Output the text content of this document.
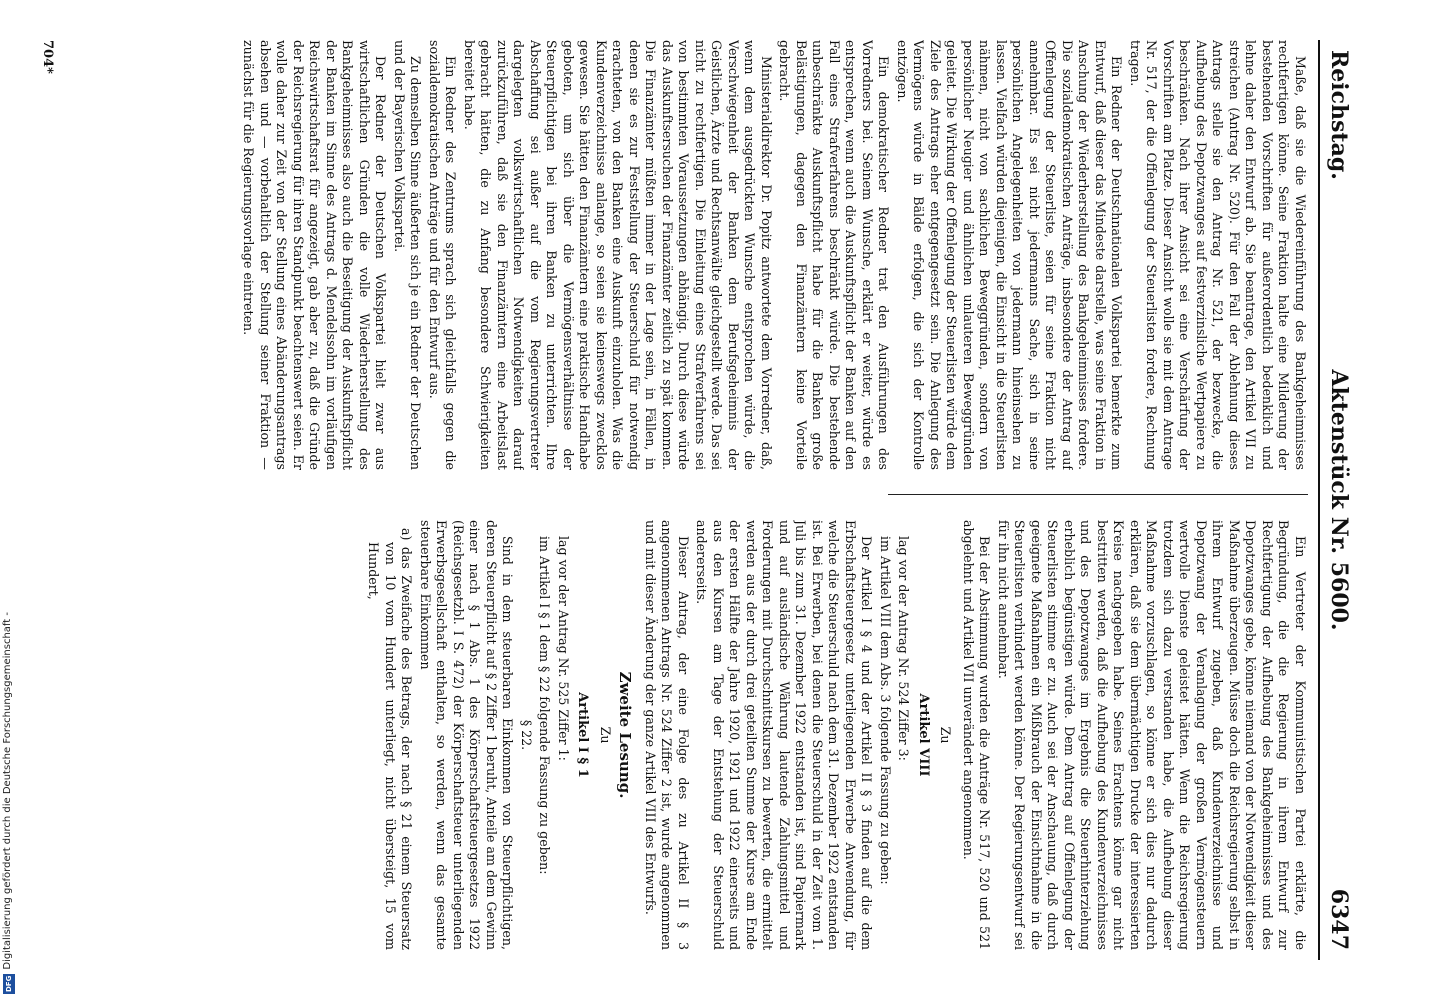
Digitalisierung gefördert durch die Deutsche Forschungsgemeinschaft -
DFG
Reichstag.
Aktenstück Nr. 5600.
6347

Maße, daß sie die Wiedereinführung des Bankgeheimnisses rechtfertigen könne. Seine Fraktion halte eine Milderung der bestehenden Vorschriften für außerordentlich bedenklich und lehne daher den Entwurf ab. Sie beantrage, den Artikel VII zu streichen (Antrag Nr. 520). Für den Fall der Ablehnung dieses Antrags stelle sie den Antrag Nr. 521, der bezwecke, die Aufhebung des Depotzwanges auf festverzinsliche Wertpapiere zu beschränken. Nach ihrer Ansicht sei eine Verschärfung der Vorschriften am Platze. Dieser Ansicht wolle sie mit dem Antrage Nr. 517, der die Offenlegung der Steuerlisten fordere, Rechnung tragen.

Ein Redner der Deutschnationalen Volkspartei bemerkte zum Entwurf, daß dieser das Mindeste darstelle, was seine Fraktion in Anschung der Wiederherstellung des Bankgeheimnisses fordere. Die sozialdemokratischen Anträge, insbesondere der Antrag auf Offenlegung der Steuerliste, seien für seine Fraktion nicht annehmbar. Es sei nicht jedermanns Sache, sich in seine persönlichen Angelegenheiten von jedermann hineinsehen zu lassen. Vielfach würden diejenigen, die Einsicht in die Steuerlisten nähmen, nicht von sachlichen Beweggründen, sondern von persönlicher Neugier und ähnlichen unlauteren Beweggründen geleitet. Die Wirkung der Offenlegung der Steuerlisten würde dem Ziele des Antrags eher entgegengesetzt sein. Die Anlegung des Vermögens würde in Bälde erfolgen, die sich der Kontrolle entzögen.

Ein demokratischer Redner trat den Ausführungen des Vorredners bei. Seinem Wunsche, erklärt er weiter, würde es entsprechen, wenn auch die Auskunftspflicht der Banken auf den Fall eines Strafverfahrens beschränkt würde. Die bestehende unbeschränkte Auskunftspflicht habe für die Banken große Belästigungen, dagegen den Finanzämtern keine Vorteile gebracht.

Ministerialdirektor Dr. Popitz antwortete dem Vorredner, daß, wenn dem ausgedrückten Wunsche entsprochen würde, die Verschwiegenheit der Banken dem Berufsgeheimnis der Geistlichen, Ärzte und Rechtsanwälte gleichgestellt werde. Das sei nicht zu rechtfertigen. Die Einleitung eines Strafverfahrens sei von bestimmten Voraussetzungen abhängig. Durch diese würde das Auskunftsersuchen der Finanzämter zeitlich zu spät kommen. Die Finanzämter müßten immer in der Lage sein, in Fällen, in denen sie es zur Feststellung der Steuerschuld für notwendig erachteten, von den Banken eine Auskunft einzuholen. Was die Kundenverzeichnisse anlange, so seien sie keineswegs zwecklos gewesen. Sie hätten den Finanzämtern eine praktische Handhabe geboten, um sich über die Vermögensverhältnisse der Steuerpflichtigen bei ihren Banken zu unterrichten. Ihre Abschaffung sei außer auf die vom Regierungsvertreter dargelegten volkswirtschaftlichen Notwendigkeiten darauf zurückzuführen, daß sie den Finanzämtern eine Arbeitslast gebracht hätten, die zu Anfang besondere Schwierigkeiten bereitet habe.

Ein Redner des Zentrums sprach sich gleichfalls gegen die sozialdemokratischen Anträge und für den Entwurf aus.

Zu demselben Sinne äußerten sich je ein Redner der Deutschen und der Bayerischen Volkspartei.

Der Redner der Deutschen Volkspartei hielt zwar aus wirtschaftlichen Gründen die volle Wiederherstellung des Bankgeheimnisses also auch die Beseitigung der Auskunftspflicht der Banken im Sinne des Antrags d. Mendelssohn im vorläufigen Reichswirtschaftsrat für angezeigt, gab aber zu, daß die Gründe der Reichsregierung für ihren Standpunkt beachtenswert seien. Er wolle daher zur Zeit von der Stellung eines Abänderungsantrags absehen und — vorbehaltlich der Stellung seiner Fraktion — zunächst für die Regierungsvorlage eintreten.

Ein Vertreter der Kommunistischen Partei erklärte, die Begründung, die die Regierung in ihrem Entwurf zur Rechtfertigung der Aufhebung des Bankgeheimnisses und des Depotzwanges gebe, könne niemand von der Notwendigkeit dieser Maßnahme überzeugen. Müsse doch die Reichsregierung selbst in ihrem Entwurf zugeben, daß Kundenverzeichnisse und Depotzwang der Veranlagung der großen Vermögensteuern wertvolle Dienste geleistet hätten. Wenn die Reichsregierung trotzdem sich dazu verstanden habe, die Aufhebung dieser Maßnahme vorzuschlagen, so könne er sich dies nur dadurch erklären, daß sie dem übermächtigen Drucke der interessierten Kreise nachgegeben habe. Seines Erachtens könne gar nicht bestritten werden, daß die Aufhebung des Kundenverzeichnisses und des Depotzwanges im Ergebnis die Steuerhinterziehung erheblich begünstigen würde. Dem Antrag auf Offenlegung der Steuerlisten stimme er zu. Auch sei der Anschauung, daß durch geeignete Maßnahmen ein Mißbrauch der Einsichtnahme in die Steuerlisten verhindert werden könne. Der Regierungsentwurf sei für ihn nicht annehmbar.

Bei der Abstimmung wurden die Anträge Nr. 517, 520 und 521 abgelehnt und Artikel VII unverändert angenommen.

Zu

Artikel VIII

lag vor der Antrag Nr. 524 Ziffer 3:

im Artikel VIII dem Abs. 3 folgende Fassung zu geben:

Der Artikel I § 4 und der Artikel II § 3 finden auf die dem Erbschaftsteuergesetz unterliegenden Erwerbe Anwendung, für welche die Steuerschuld nach dem 31. Dezember 1922 entstanden ist. Bei Erwerben, bei denen die Steuerschuld in der Zeit vom 1. Juli bis zum 31. Dezember 1922 entstanden ist, sind Papiermark und auf ausländische Währung lautende Zahlungsmittel und Forderungen mit Durchschnittskursen zu bewerten, die ermittelt werden aus der durch drei geteilten Summe der Kurse am Ende der ersten Hälfte der Jahre 1920, 1921 und 1922 einerseits und aus den Kursen am Tage der Entstehung der Steuerschuld andererseits.

Dieser Antrag, der eine Folge des zu Artikel II § 3 angenommenen Antrags Nr. 524 Ziffer 2 ist, wurde angenommen und mit dieser Änderung der ganze Artikel VIII des Entwurfs.

Zweite Lesung.

Zu

Artikel I § 1

lag vor der Antrag Nr. 525 Ziffer 1:

im Artikel I § 1 dem § 22 folgende Fassung zu geben:

§ 22.

Sind in dem steuerbaren Einkommen von Steuerpflichtigen, deren Steuerpflicht auf § 2 Ziffer 1 beruht, Anteile am dem Gewinn einer nach § 1 Abs. 1 des Körperschaftsteuergesetzes 1922 (Reichsgesetzbl. I S. 472) der Körperschaftsteuer unterliegenden Erwerbsgesellschaft enthalten, so werden, wenn das gesamte steuerbare Einkommen

a) das Zweifache des Betrags, der nach § 21 einem Steuersatz von 10 vom Hundert unterliegt, nicht übersteigt, 15 vom Hundert,

704*
